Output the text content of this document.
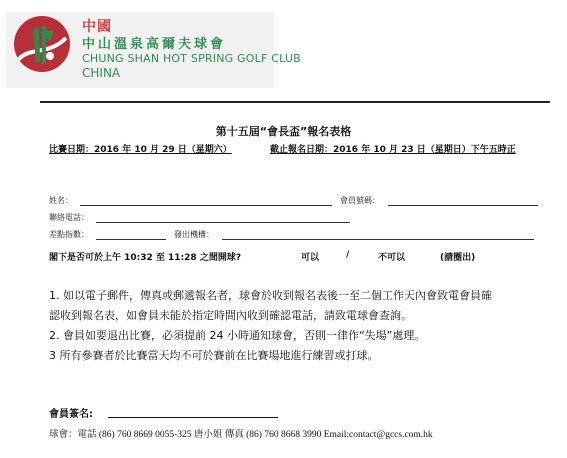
中國
中山溫泉高爾夫球會
CHUNG SHAN HOT SPRING GOLF CLUB
CHINA
第十五屆“會長盃”報名表格
比賽日期：2016 年 10 月 29 日（星期六）	截止報名日期：2016 年 10 月 23 日（星期日）下午五時正
姓名：	會員號碼：
聯絡電話：
差點指數：	發出機構：
閣下是否可於上午 10:32 至 11:28 之間開球?	可以	/	不可以	(請圈出)
1. 如以電子郵件，傳真或郵遞報名者，球會於收到報名表後一至二個工作天內會致電會員確
認收到報名表，如會員未能於指定時間內收到確認電話，請致電球會查詢。
2. 會員如要退出比賽，必須提前 24 小時通知球會，否則一律作“失場”處理。
3 所有參賽者於比賽當天均不可於賽前在比賽場地進行練習或打球。
會員簽名:
球會：電話 (86) 760 8669 0055-325 唐小姐 傳真 (86) 760 8668 3990 Email:contact@gccs.com.hk
